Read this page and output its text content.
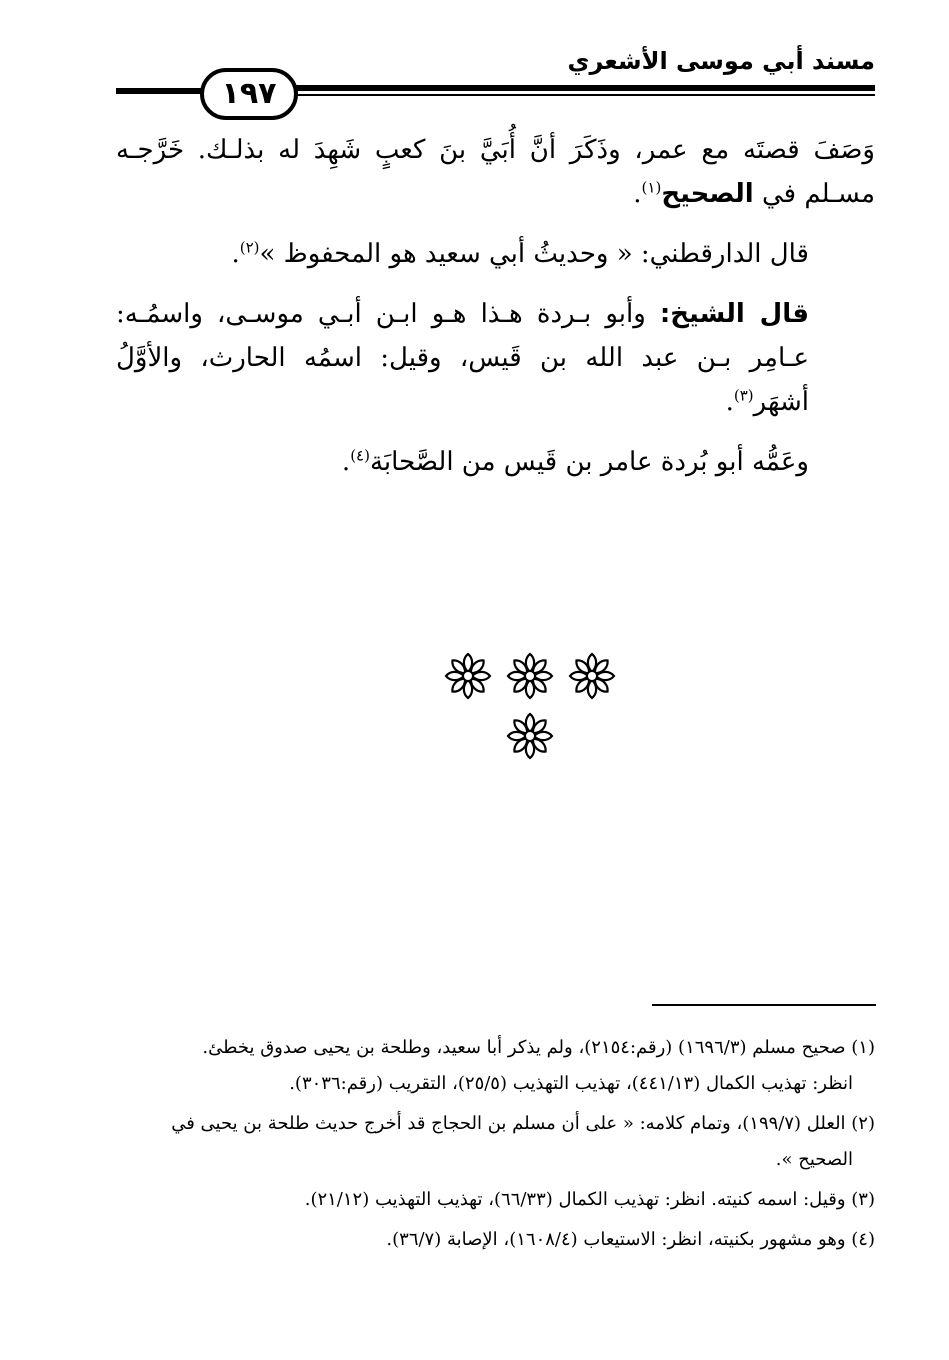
مسند أبي موسى الأشعري
١٩٧

وَصَفَ قصتَه مع عمر، وذَكَرَ أنَّ أُبَيَّ بنَ كعبٍ شَهِدَ له بذلـك. خَرَّجـه مسـلم في الصحيح$^{(١)}$.

قال الدارقطني: « وحديثُ أبي سعيد هو المحفوظ »$^{(٢)}$.

قال الشيخ: وأبو بـردة هـذا هـو ابـن أبـي موسـى، واسمُـه: عـامِر بـن عبد الله بن قَيس، وقيل: اسمُه الحارث، والأوَّلُ أشهَر$^{(٣)}$.

وعَمُّه أبو بُردة عامر بن قَيس من الصَّحابَة$^{(٤)}$.

(١) صحيح مسلم (١٦٩٦/٣) (رقم:٢١٥٤)، ولم يذكر أبا سعيد، وطلحة بن يحيى صدوق يخطئ.
انظر: تهذيب الكمال (٤٤١/١٣)، تهذيب التهذيب (٢٥/٥)، التقريب (رقم:٣٠٣٦).

(٢) العلل (١٩٩/٧)، وتمام كلامه: « على أن مسلم بن الحجاج قد أخرج حديث طلحة بن يحيى في
الصحيح ».

(٣) وقيل: اسمه كنيته. انظر: تهذيب الكمال (٦٦/٣٣)، تهذيب التهذيب (٢١/١٢).

(٤) وهو مشهور بكنيته، انظر: الاستيعاب (١٦٠٨/٤)، الإصابة (٣٦/٧).
